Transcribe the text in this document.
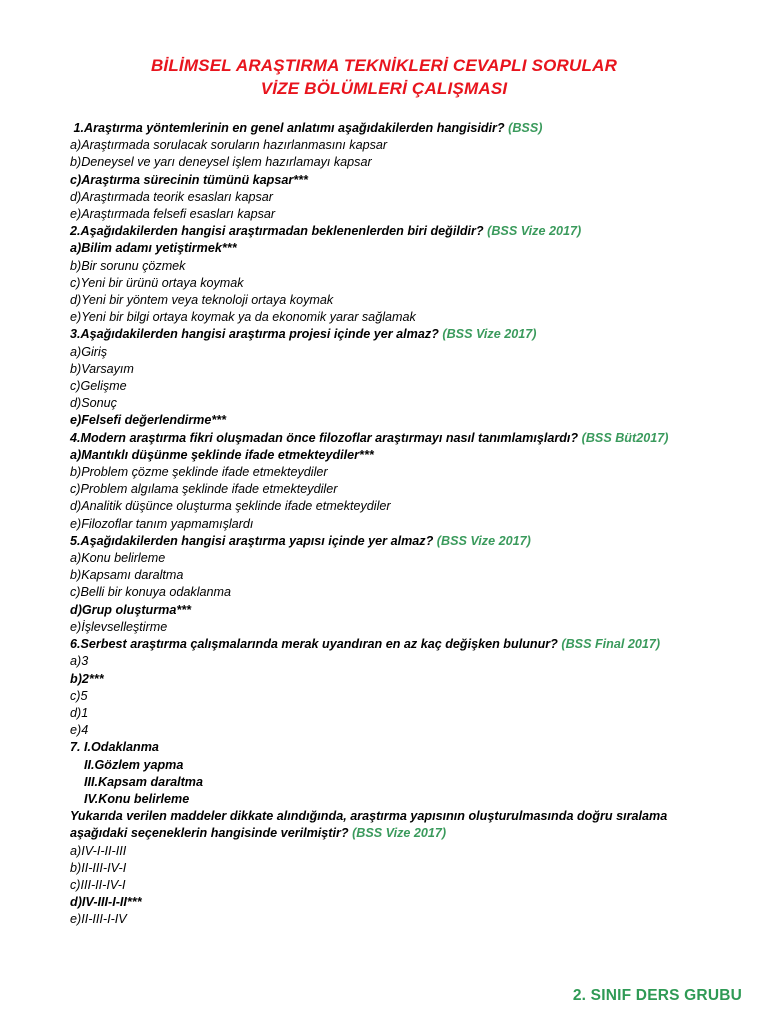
BİLİMSEL ARAŞTIRMA TEKNİKLERİ CEVAPLI SORULAR
VİZE BÖLÜMLERİ ÇALIŞMASI
1.Araştırma yöntemlerinin en genel anlatımı aşağıdakilerden hangisidir? (BSS)
a)Araştırmada sorulacak soruların hazırlanmasını kapsar
b)Deneysel ve yarı deneysel işlem hazırlamayı kapsar
c)Araştırma sürecinin tümünü kapsar***
d)Araştırmada teorik esasları kapsar
e)Araştırmada felsefi esasları kapsar
2.Aşağıdakilerden hangisi araştırmadan beklenenlerden biri değildir? (BSS Vize 2017)
a)Bilim adamı yetiştirmek***
b)Bir sorunu çözmek
c)Yeni bir ürünü ortaya koymak
d)Yeni bir yöntem veya teknoloji ortaya koymak
e)Yeni bir bilgi ortaya koymak ya da ekonomik yarar sağlamak
3.Aşağıdakilerden hangisi araştırma projesi içinde yer almaz? (BSS Vize 2017)
a)Giriş
b)Varsayım
c)Gelişme
d)Sonuç
e)Felsefi değerlendirme***
4.Modern araştırma fikri oluşmadan önce filozoflar araştırmayı nasıl tanımlamışlardı? (BSS Büt2017)
a)Mantıklı düşünme şeklinde ifade etmekteydiler***
b)Problem çözme şeklinde ifade etmekteydiler
c)Problem algılama şeklinde ifade etmekteydiler
d)Analitik düşünce oluşturma şeklinde ifade etmekteydiler
e)Filozoflar tanım yapmamışlardı
5.Aşağıdakilerden hangisi araştırma yapısı içinde yer almaz? (BSS Vize 2017)
a)Konu belirleme
b)Kapsamı daraltma
c)Belli bir konuya odaklanma
d)Grup oluşturma***
e)İşlevselleştirme
6.Serbest araştırma çalışmalarında merak uyandıran en az kaç değişken bulunur? (BSS Final 2017)
a)3
b)2***
c)5
d)1
e)4
7. I.Odaklanma
II.Gözlem yapma
III.Kapsam daraltma
IV.Konu belirleme
Yukarıda verilen maddeler dikkate alındığında, araştırma yapısının oluşturulmasında doğru sıralama
aşağıdaki seçeneklerin hangisinde verilmiştir? (BSS Vize 2017)
a)IV-I-II-III
b)II-III-IV-I
c)III-II-IV-I
d)IV-III-I-II***
e)II-III-I-IV
2. SINIF DERS GRUBU
